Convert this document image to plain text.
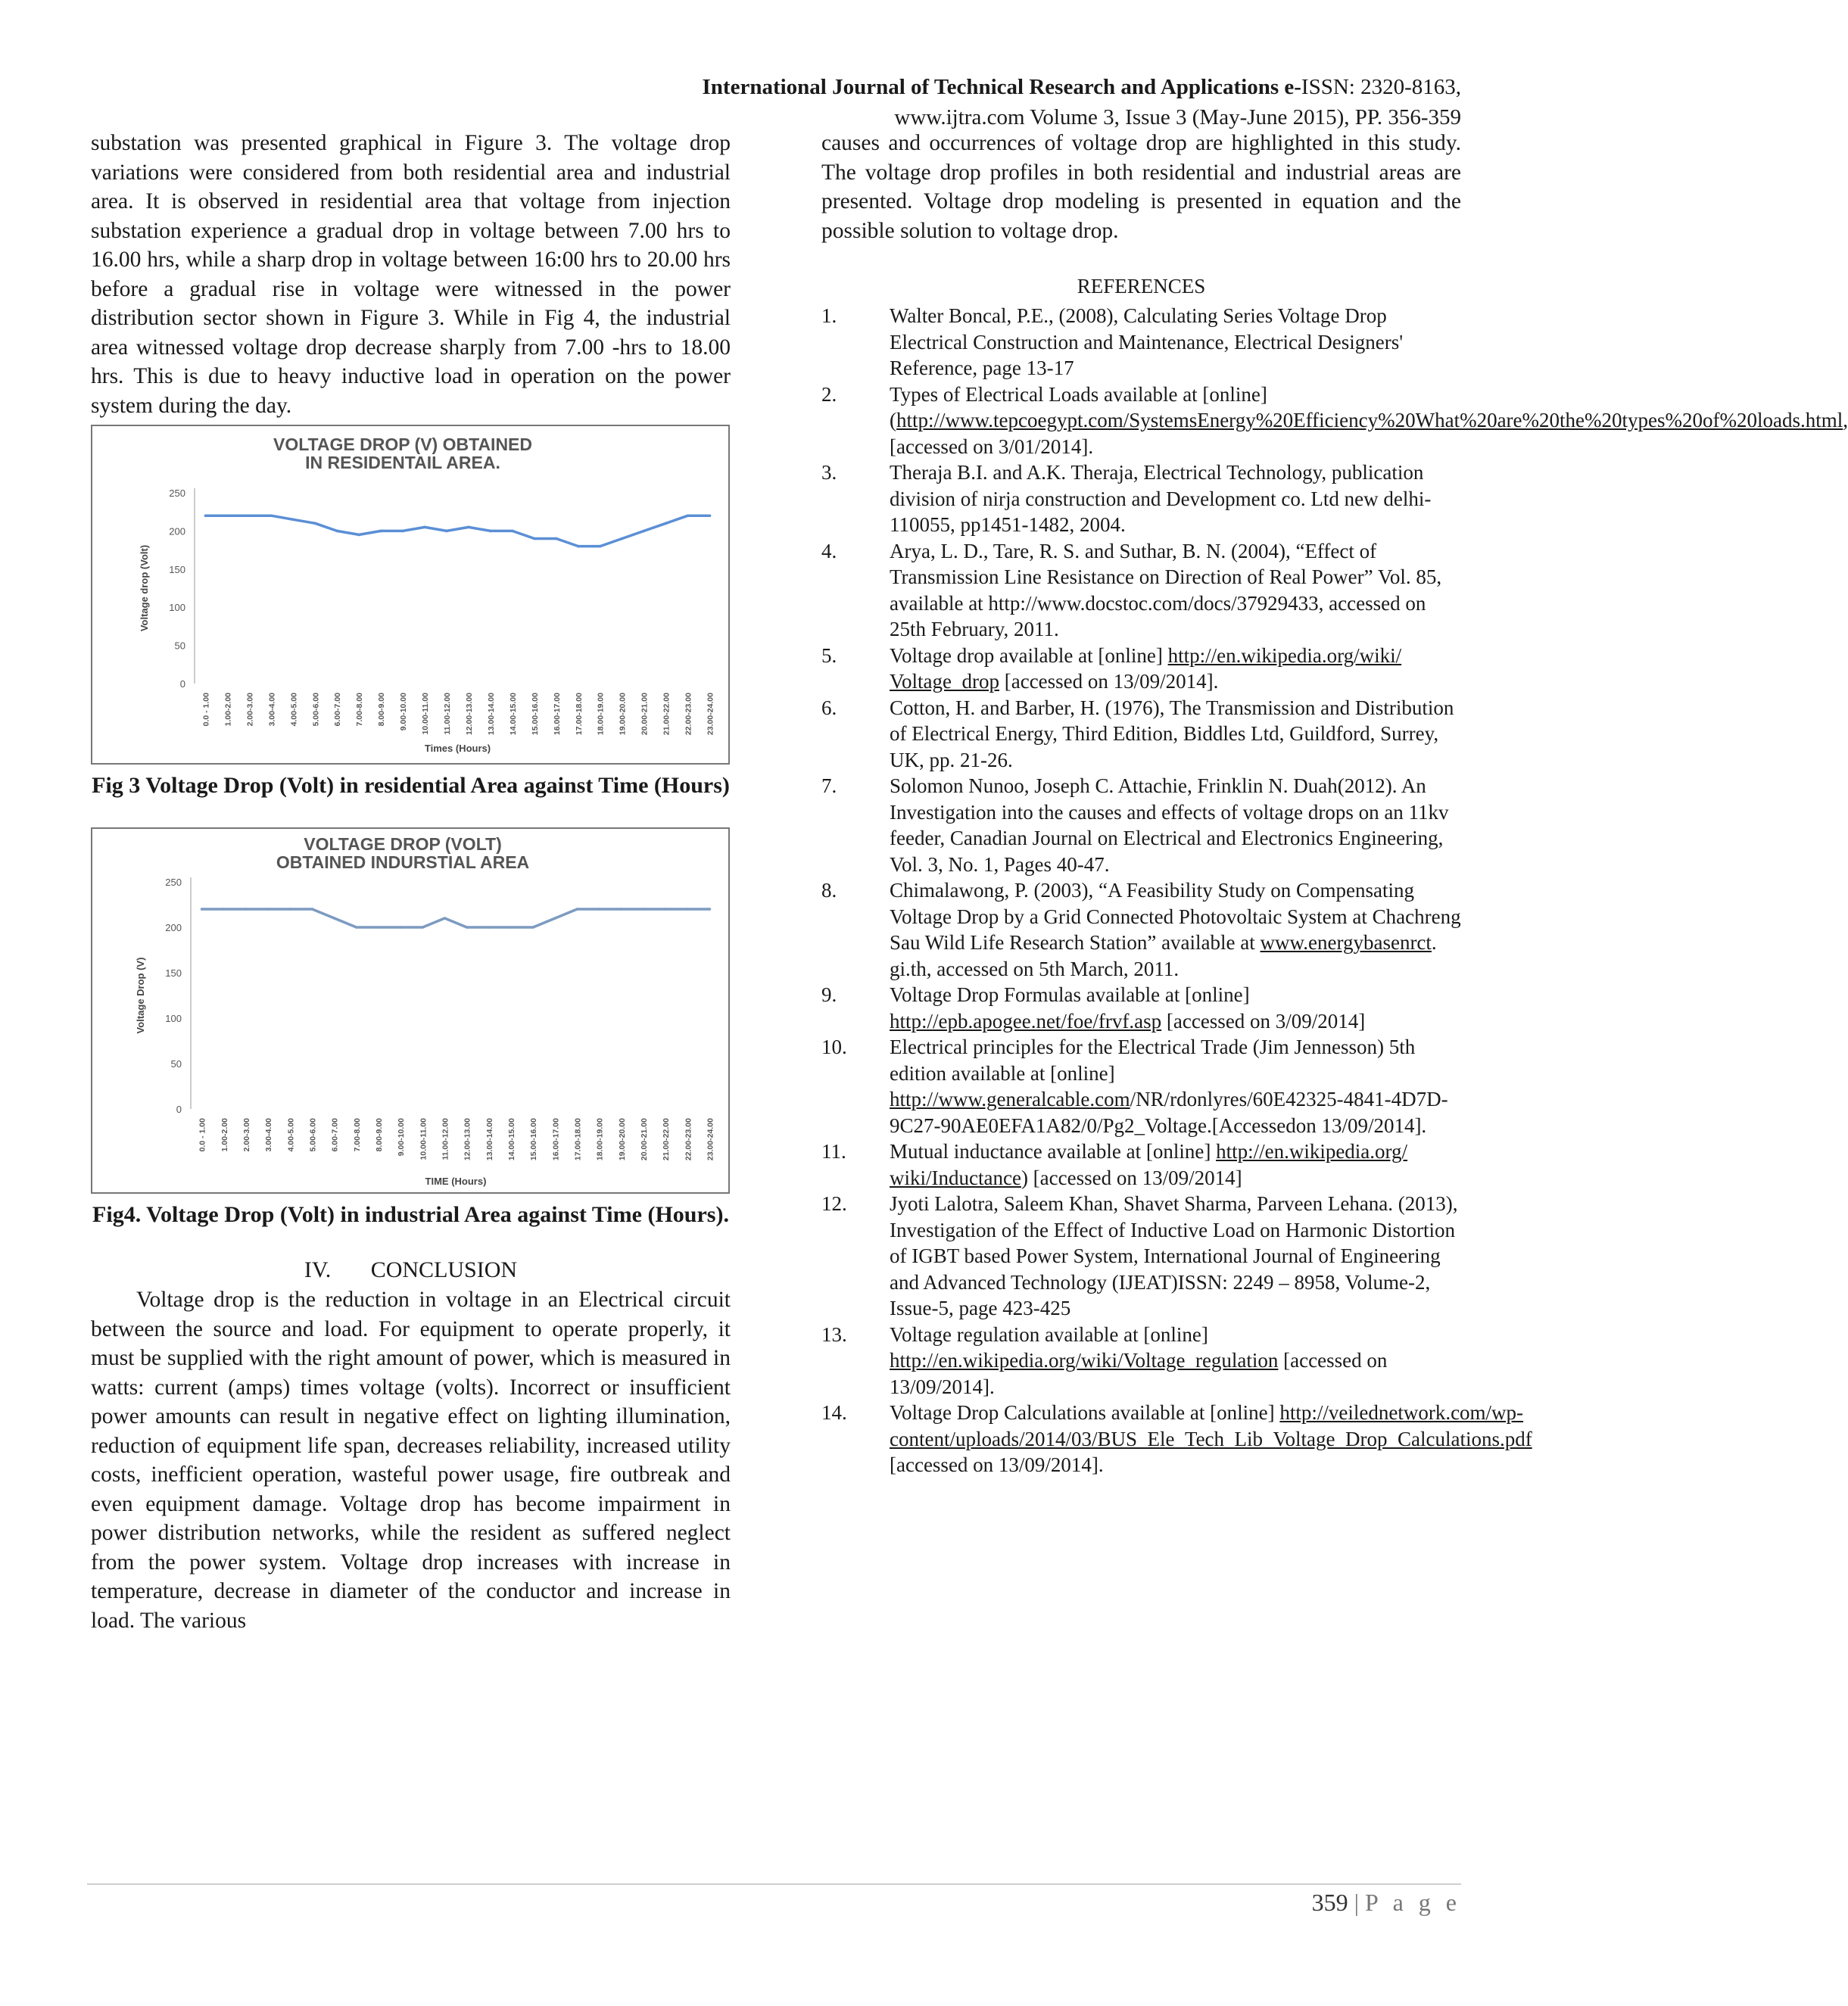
International Journal of Technical Research and Applications e-ISSN: 2320-8163,
www.ijtra.com Volume 3, Issue 3 (May-June 2015), PP. 356-359

substation was presented graphical in Figure 3. The voltage drop variations were considered from both residential area and industrial area. It is observed in residential area that voltage from injection substation experience a gradual drop in voltage between 7.00 hrs to 16.00 hrs, while a sharp drop in voltage between 16:00 hrs to 20.00 hrs before a gradual rise in voltage were witnessed in the power distribution sector shown in Figure 3. While in Fig 4, the industrial area witnessed voltage drop decrease sharply from 7.00 -hrs to 18.00 hrs. This is due to heavy inductive load in operation on the power system during the day.

VOLTAGE DROP (V) OBTAINED IN RESIDENTAIL AREA.
0
50
100
150
200
250
Voltage drop (Volt)
0.0 - 1.00 1.00-2.00 2.00-3.00 3.00-4.00 4.00-5.00 5.00-6.00 6.00-7.00 7.00-8.00 8.00-9.00 9.00-10.00 10.00-11.00 11.00-12.00 12.00-13.00 13.00-14.00 14.00-15.00 15.00-16.00 16.00-17.00 17.00-18.00 18.00-19.00 19.00-20.00 20.00-21.00 21.00-22.00 22.00-23.00 23.00-24.00
Times (Hours)

Fig 3 Voltage Drop (Volt) in residential Area against Time (Hours)

VOLTAGE DROP (VOLT) OBTAINED INDURSTIAL AREA
0
50
100
150
200
250
Voltage Drop (V)
0.0 - 1.00 1.00-2.00 2.00-3.00 3.00-4.00 4.00-5.00 5.00-6.00 6.00-7.00 7.00-8.00 8.00-9.00 9.00-10.00 10.00-11.00 11.00-12.00 12.00-13.00 13.00-14.00 14.00-15.00 15.00-16.00 16.00-17.00 17.00-18.00 18.00-19.00 19.00-20.00 20.00-21.00 21.00-22.00 22.00-23.00 23.00-24.00
TIME (Hours)

Fig4. Voltage Drop (Volt) in industrial Area against Time (Hours).

IV. CONCLUSION

Voltage drop is the reduction in voltage in an Electrical circuit between the source and load. For equipment to operate properly, it must be supplied with the right amount of power, which is measured in watts: current (amps) times voltage (volts). Incorrect or insufficient power amounts can result in negative effect on lighting illumination, reduction of equipment life span, decreases reliability, increased utility costs, inefficient operation, wasteful power usage, fire outbreak and even equipment damage. Voltage drop has become impairment in power distribution networks, while the resident as suffered neglect from the power system. Voltage drop increases with increase in temperature, decrease in diameter of the conductor and increase in load. The various

causes and occurrences of voltage drop are highlighted in this study. The voltage drop profiles in both residential and industrial areas are presented. Voltage drop modeling is presented in equation and the possible solution to voltage drop.

REFERENCES

1.	Walter Boncal, P.E., (2008), Calculating Series Voltage Drop Electrical Construction and Maintenance, Electrical Designers' Reference, page 13-17
2.	Types of Electrical Loads available at [online](http://www.tepcoegypt.com/SystemsEnergy%20Efficiency%20What%20are%20the%20types%20of%20loads.html, [accessed on 3/01/2014].
3.	Theraja B.I. and A.K. Theraja, Electrical Technology, publication division of nirja construction and Development co. Ltd new delhi-110055, pp1451-1482, 2004.
4.	Arya, L. D., Tare, R. S. and Suthar, B. N. (2004), “Effect of Transmission Line Resistance on Direction of Real Power” Vol. 85, available at http://www.docstoc.com/docs/37929433, accessed on 25th February, 2011.
5.	Voltage drop available at [online] http://en.wikipedia.org/wiki/ Voltage_drop [accessed on 13/09/2014].
6.	Cotton, H. and Barber, H. (1976), The Transmission and Distribution of Electrical Energy, Third Edition, Biddles Ltd, Guildford, Surrey, UK, pp. 21-26.
7.	Solomon Nunoo, Joseph C. Attachie, Frinklin N. Duah(2012). An Investigation into the causes and effects of voltage drops on an 11kv feeder, Canadian Journal on Electrical and Electronics Engineering, Vol. 3, No. 1, Pages 40-47.
8.	Chimalawong, P. (2003), “A Feasibility Study on Compensating Voltage Drop by a Grid Connected Photovoltaic System at Chachreng Sau Wild Life Research Station” available at www.energybasenrct. gi.th, accessed on 5th March, 2011.
9.	Voltage Drop Formulas available at [online] http://epb.apogee.net/foe/frvf.asp [accessed on 3/09/2014]
10.	Electrical principles for the Electrical Trade (Jim Jennesson) 5th edition available at [online] http://www.generalcable.com/NR/rdonlyres/60E42325-4841-4D7D-9C27-90AE0EFA1A82/0/Pg2_Voltage.[Accessedon 13/09/2014].
11.	Mutual inductance available at [online] http://en.wikipedia.org/ wiki/Inductance) [accessed on 13/09/2014]
12.	Jyoti Lalotra, Saleem Khan, Shavet Sharma, Parveen Lehana. (2013), Investigation of the Effect of Inductive Load on Harmonic Distortion of IGBT based Power System, International Journal of Engineering and Advanced Technology (IJEAT)ISSN: 2249 – 8958, Volume-2, Issue-5, page 423-425
13.	Voltage regulation available at [online] http://en.wikipedia.org/wiki/Voltage_regulation [accessed on 13/09/2014].
14.	Voltage Drop Calculations available at [online] http://veilednetwork.com/wp-content/uploads/2014/03/BUS_Ele_Tech_Lib_Voltage_Drop_Calculations.pdf [accessed on 13/09/2014].
359 | P a g e
